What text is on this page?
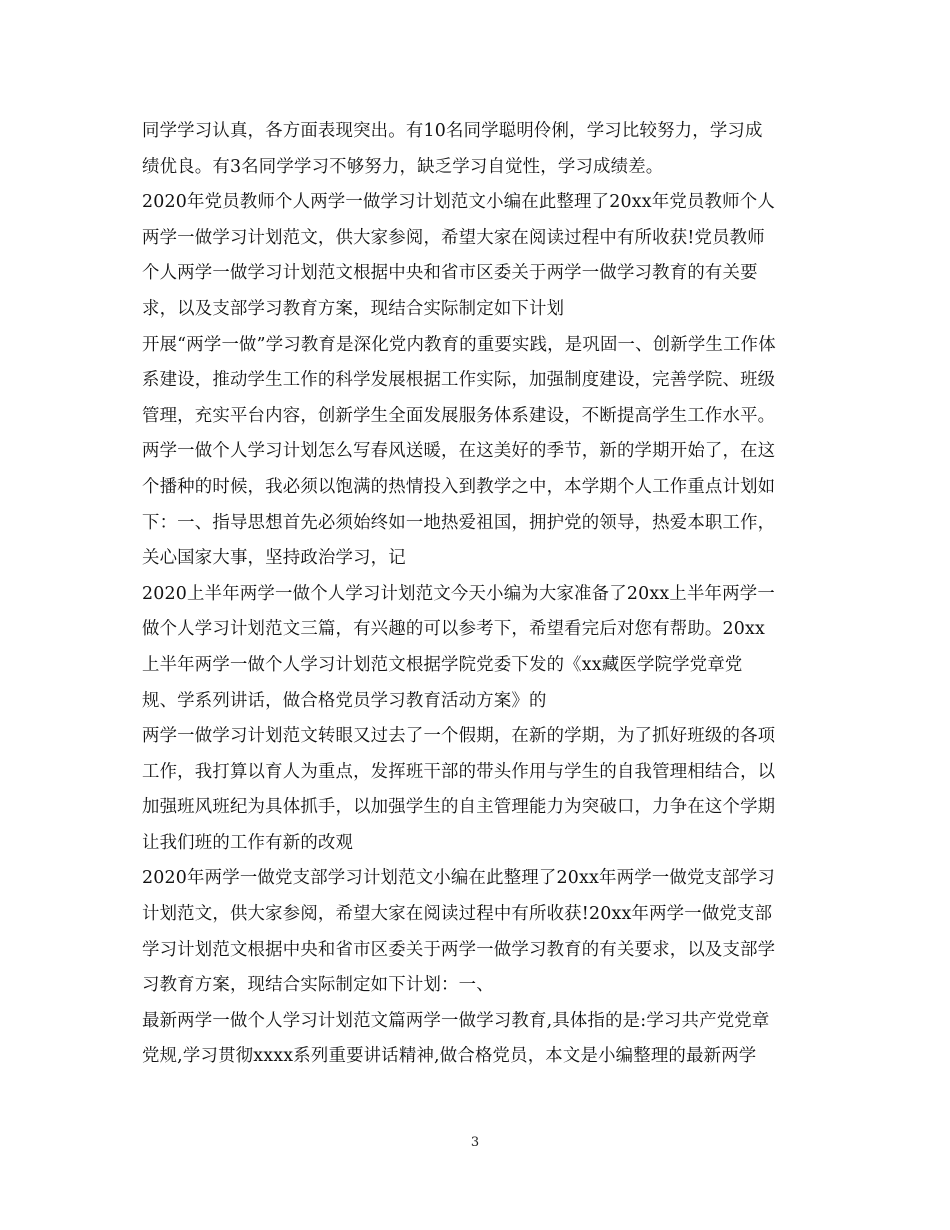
同学学习认真，各方面表现突出。有10名同学聪明伶俐，学习比较努力，学习成
绩优良。有3名同学学习不够努力，缺乏学习自觉性，学习成绩差。
2020年党员教师个人两学一做学习计划范文小编在此整理了20xx年党员教师个人
两学一做学习计划范文，供大家参阅，希望大家在阅读过程中有所收获!党员教师
个人两学一做学习计划范文根据中央和省市区委关于两学一做学习教育的有关要
求，以及支部学习教育方案，现结合实际制定如下计划
开展“两学一做”学习教育是深化党内教育的重要实践，是巩固一、创新学生工作体
系建设，推动学生工作的科学发展根据工作实际，加强制度建设，完善学院、班级
管理，充实平台内容，创新学生全面发展服务体系建设，不断提高学生工作水平。
两学一做个人学习计划怎么写春风送暖，在这美好的季节，新的学期开始了，在这
个播种的时候，我必须以饱满的热情投入到教学之中，本学期个人工作重点计划如
下：一、指导思想首先必须始终如一地热爱祖国，拥护党的领导，热爱本职工作，
关心国家大事，坚持政治学习，记
2020上半年两学一做个人学习计划范文今天小编为大家准备了20xx上半年两学一
做个人学习计划范文三篇，有兴趣的可以参考下，希望看完后对您有帮助。20xx
上半年两学一做个人学习计划范文根据学院党委下发的《xx藏医学院学党章党
规、学系列讲话，做合格党员学习教育活动方案》的
两学一做学习计划范文转眼又过去了一个假期，在新的学期，为了抓好班级的各项
工作，我打算以育人为重点，发挥班干部的带头作用与学生的自我管理相结合，以
加强班风班纪为具体抓手，以加强学生的自主管理能力为突破口，力争在这个学期
让我们班的工作有新的改观
2020年两学一做党支部学习计划范文小编在此整理了20xx年两学一做党支部学习
计划范文，供大家参阅，希望大家在阅读过程中有所收获!20xx年两学一做党支部
学习计划范文根据中央和省市区委关于两学一做学习教育的有关要求，以及支部学
习教育方案，现结合实际制定如下计划：一、
最新两学一做个人学习计划范文篇两学一做学习教育,具体指的是:学习共产党党章
党规,学习贯彻xxxx系列重要讲话精神,做合格党员，本文是小编整理的最新两学
3
